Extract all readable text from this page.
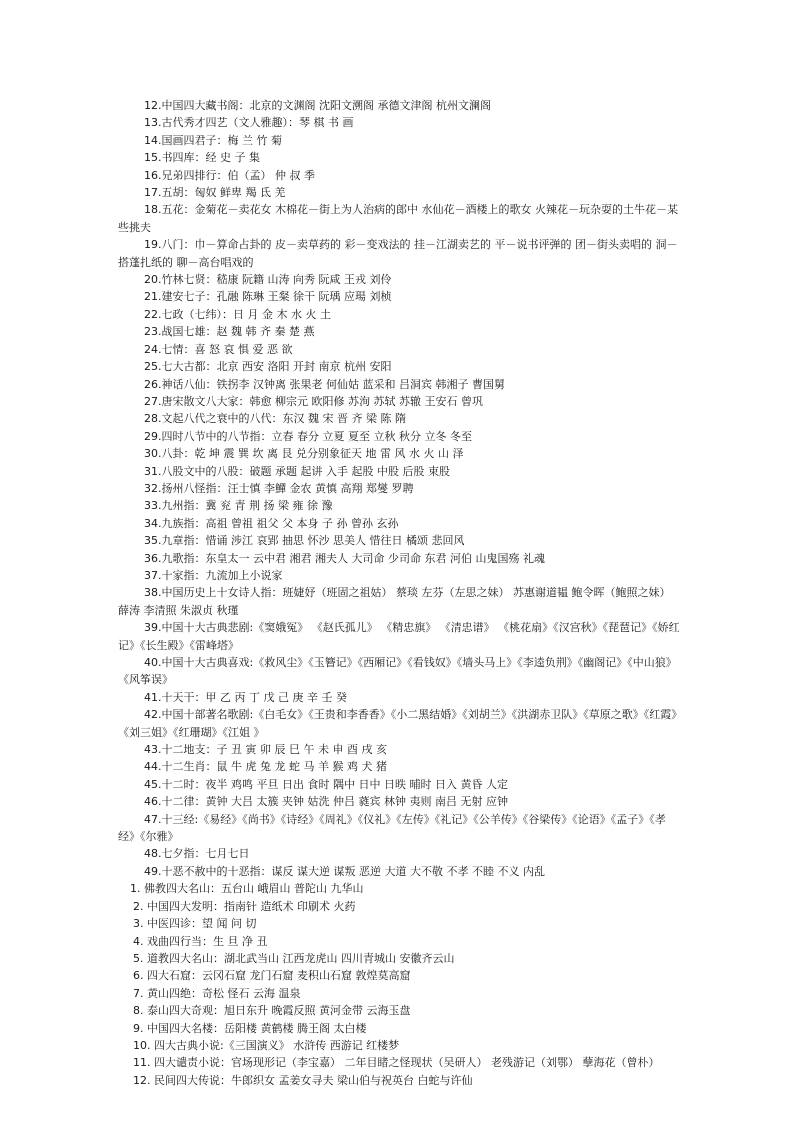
12.中国四大藏书阁：北京的文渊阁 沈阳文溯阁 承德文津阁 杭州文澜阁
13.古代秀才四艺（文人雅趣）：琴 棋 书 画
14.国画四君子：梅 兰 竹 菊
15.书四库：经 史 子 集
16.兄弟四排行：伯（孟） 仲 叔 季
17.五胡：匈奴 鲜卑 羯 氐 羌
18.五花：金菊花－卖花女 木棉花－街上为人治病的郎中 水仙花－酒楼上的歌女 火辣花－玩杂耍的土牛花－某些挑夫
19.八门：巾－算命占卦的 皮－卖草药的 彩－变戏法的 挂－江湖卖艺的 平－说书评弹的 团－街头卖唱的 洞－搭蓬扎纸的 聊－高台唱戏的
20.竹林七贤：嵇康 阮籍 山涛 向秀 阮咸 王戎 刘伶
21.建安七子：孔融 陈琳 王粲 徐干 阮瑀 应瑒 刘桢
22.七政（七纬）：日 月 金 木 水 火 土
23.战国七雄：赵 魏 韩 齐 秦 楚 燕
24.七情：喜 怒 哀 惧 爱 恶 欲
25.七大古都：北京 西安 洛阳 开封 南京 杭州 安阳
26.神话八仙：铁拐李 汉钟离 张果老 何仙姑 蓝采和 吕洞宾 韩湘子 曹国舅
27.唐宋散文八大家：韩愈 柳宗元 欧阳修 苏洵 苏轼 苏辙 王安石 曾巩
28.文起八代之衰中的八代：东汉 魏 宋 晋 齐 梁 陈 隋
29.四时八节中的八节指：立春 春分 立夏 夏至 立秋 秋分 立冬 冬至
30.八卦：乾 坤 震 巽 坎 离 艮 兑分别象征天 地 雷 风 水 火 山 泽
31.八股文中的八股：破题 承题 起讲 入手 起股 中股 后股 束股
32.扬州八怪指：汪士慎 李鱓 金农 黄慎 高翔 郑燮 罗聘
33.九州指：冀 兖 青 荆 扬 梁 雍 徐 豫
34.九族指：高祖 曾祖 祖父 父 本身 子 孙 曾孙 玄孙
35.九章指：惜诵 涉江 哀郢 抽思 怀沙 思美人 惜往日 橘颂 悲回风
36.九歌指：东皇太一 云中君 湘君 湘夫人 大司命 少司命 东君 河伯 山鬼国殇 礼魂
37.十家指：九流加上小说家
38.中国历史上十女诗人指：班婕妤（班固之祖姑） 蔡琰 左芬（左思之妹） 苏惠谢道韫 鲍令晖（鲍照之妹） 薛涛 李清照 朱淑贞 秋瑾
39.中国十大古典悲剧:《窦娥冤》 《赵氏孤儿》 《精忠旗》 《清忠谱》 《桃花扇》《汉宫秋》《琵琶记》《娇红记》《长生殿》《雷峰塔》
40.中国十大古典喜戏:《救风尘》《玉簪记》《西厢记》《看钱奴》《墙头马上》《李逵负荆》《幽阁记》《中山狼》《风筝误》
41.十天干：甲 乙 丙 丁 戊 己 庚 辛 壬 癸
42.中国十部著名歌剧:《白毛女》《王贵和李香香》《小二黑结婚》《刘胡兰》《洪湖赤卫队》《草原之歌》《红霞》《刘三姐》《红珊瑚》《江姐 》
43.十二地支：子 丑 寅 卯 辰 巳 午 未 申 酉 戌 亥
44.十二生肖：鼠 牛 虎 兔 龙 蛇 马 羊 猴 鸡 犬 猪
45.十二时：夜半 鸡鸣 平旦 日出 食时 隅中 日中 日昳 晡时 日入 黄昏 人定
46.十二律：黄钟 大吕 太簇 夹钟 姑洗 仲吕 蕤宾 林钟 夷则 南吕 无射 应钟
47.十三经:《易经》《尚书》《诗经》《周礼》《仪礼》《左传》《礼记》《公羊传》《谷梁传》《论语》《孟子》《孝经》《尔雅》
48.七夕指：七月七日
49.十恶不赦中的十恶指：谋反 谋大逆 谋叛 恶逆 大道 大不敬 不孝 不睦 不义 内乱
1. 佛教四大名山：五台山 峨眉山 普陀山 九华山
2. 中国四大发明：指南针 造纸术 印刷术 火药
3. 中医四诊：望 闻 问 切
4. 戏曲四行当：生 旦 净 丑
5. 道教四大名山：湖北武当山 江西龙虎山 四川青城山 安徽齐云山
6. 四大石窟：云冈石窟 龙门石窟 麦积山石窟 敦煌莫高窟
7. 黄山四绝：奇松 怪石 云海 温泉
8. 泰山四大奇观：旭日东升 晚霞反照 黄河金带 云海玉盘
9. 中国四大名楼：岳阳楼 黄鹤楼 腾王阁 太白楼
10. 四大古典小说:《三国演义》 水浒传 西游记 红楼梦
11. 四大谴责小说：官场现形记（李宝嘉） 二年目睹之怪现状（吴研人） 老残游记（刘鄂） 孽海花（曾朴）
12. 民间四大传说：牛郎织女 孟姜女寻夫 梁山伯与祝英台 白蛇与许仙
